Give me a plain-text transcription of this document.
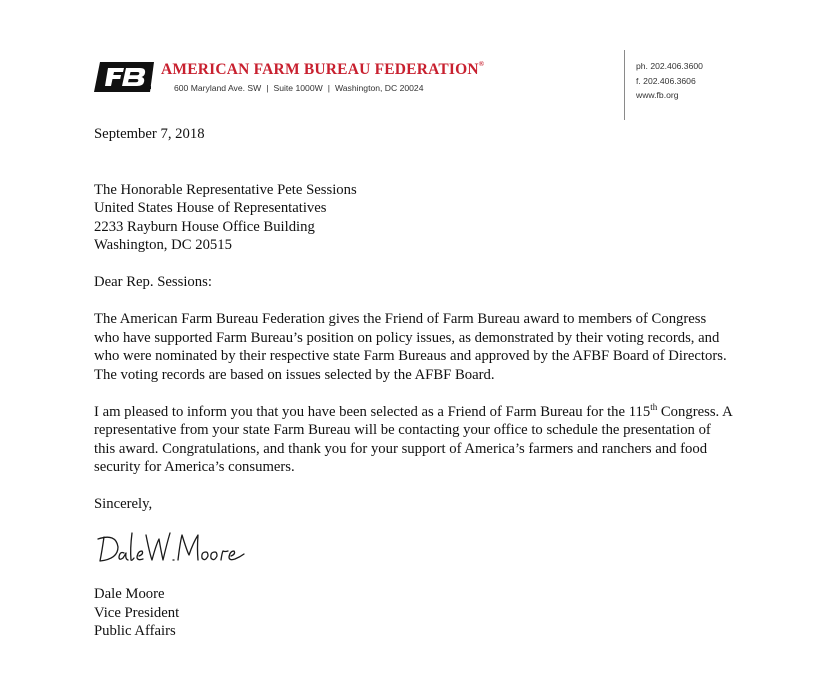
AMERICAN FARM BUREAU FEDERATION®
600 Maryland Ave. SW | Suite 1000W | Washington, DC 20024
ph. 202.406.3600
f. 202.406.3606
www.fb.org

September 7, 2018

The Honorable Representative Pete Sessions

United States House of Representatives

2233 Rayburn House Office Building

Washington, DC 20515

Dear Rep. Sessions:

The American Farm Bureau Federation gives the Friend of Farm Bureau award to members of Congress who have supported Farm Bureau’s position on policy issues, as demonstrated by their voting records, and who were nominated by their respective state Farm Bureaus and approved by the AFBF Board of Directors. The voting records are based on issues selected by the AFBF Board.

I am pleased to inform you that you have been selected as a Friend of Farm Bureau for the 115th Congress. A representative from your state Farm Bureau will be contacting your office to schedule the presentation of this award. Congratulations, and thank you for your support of America’s farmers and ranchers and food security for America’s consumers.

Sincerely,

Dale Moore
Vice President
Public Affairs
